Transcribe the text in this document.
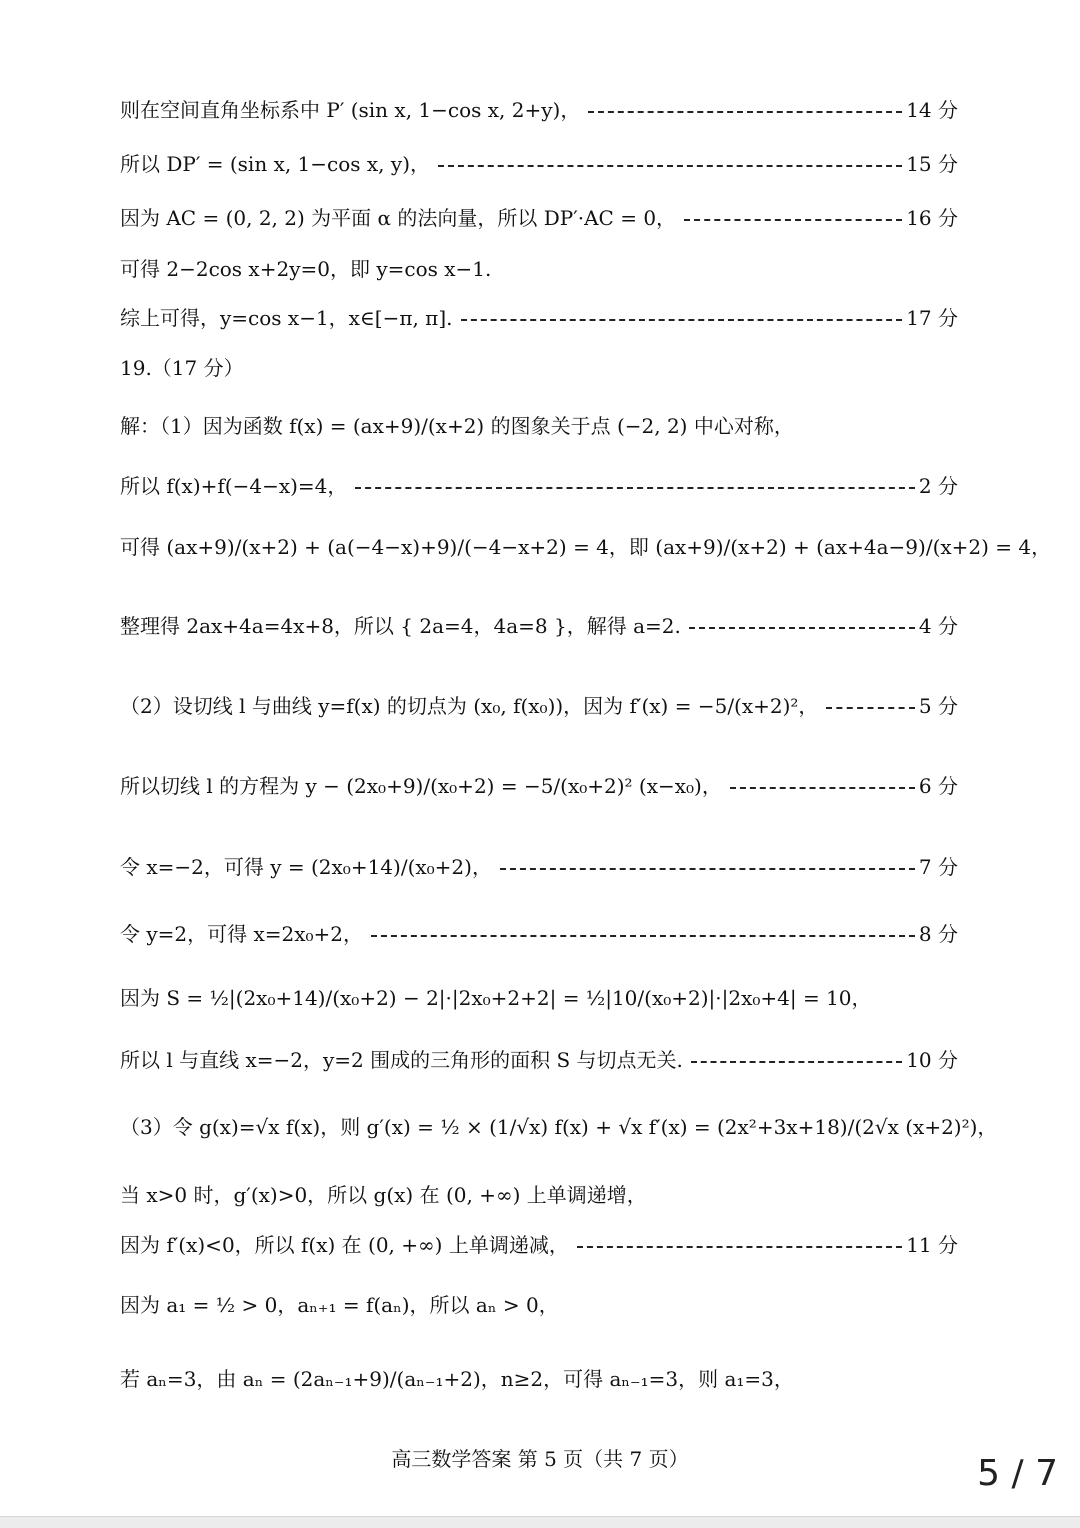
则在空间直角坐标系中 P′ (sin x, 1−cos x, 2+y)，	14 分
所以 DP′ = (sin x, 1−cos x, y)，	15 分
因为 AC = (0, 2, 2) 为平面 α 的法向量，所以 DP′·AC = 0，	16 分
可得 2−2cos x+2y=0，即 y=cos x−1.
综上可得，y=cos x−1，x∈[−π, π].	17 分
19.（17 分）
解：（1）因为函数 f(x) = (ax+9)/(x+2) 的图象关于点 (−2, 2) 中心对称，
所以 f(x)+f(−4−x)=4，	2 分
可得 (ax+9)/(x+2) + (a(−4−x)+9)/(−4−x+2) = 4，即 (ax+9)/(x+2) + (ax+4a−9)/(x+2) = 4，
整理得 2ax+4a=4x+8，所以 { 2a=4，4a=8 }，解得 a=2.	4 分
（2）设切线 l 与曲线 y=f(x) 的切点为 (x₀, f(x₀))，因为 f′(x) = −5/(x+2)²，	5 分
所以切线 l 的方程为 y − (2x₀+9)/(x₀+2) = −5/(x₀+2)² (x−x₀)，	6 分
令 x=−2，可得 y = (2x₀+14)/(x₀+2)，	7 分
令 y=2，可得 x=2x₀+2，	8 分
因为 S = ½|(2x₀+14)/(x₀+2) − 2|·|2x₀+2+2| = ½|10/(x₀+2)|·|2x₀+4| = 10，
所以 l 与直线 x=−2，y=2 围成的三角形的面积 S 与切点无关.	10 分
（3）令 g(x)=√x f(x)，则 g′(x) = ½ × (1/√x) f(x) + √x f′(x) = (2x²+3x+18)/(2√x (x+2)²)，
当 x>0 时，g′(x)>0，所以 g(x) 在 (0, +∞) 上单调递增，
因为 f′(x)<0，所以 f(x) 在 (0, +∞) 上单调递减，	11 分
因为 a₁ = ½ > 0，aₙ₊₁ = f(aₙ)，所以 aₙ > 0，
若 aₙ=3，由 aₙ = (2aₙ₋₁+9)/(aₙ₋₁+2)，n≥2，可得 aₙ₋₁=3，则 a₁=3，
高三数学答案 第 5 页（共 7 页）	5 / 7
